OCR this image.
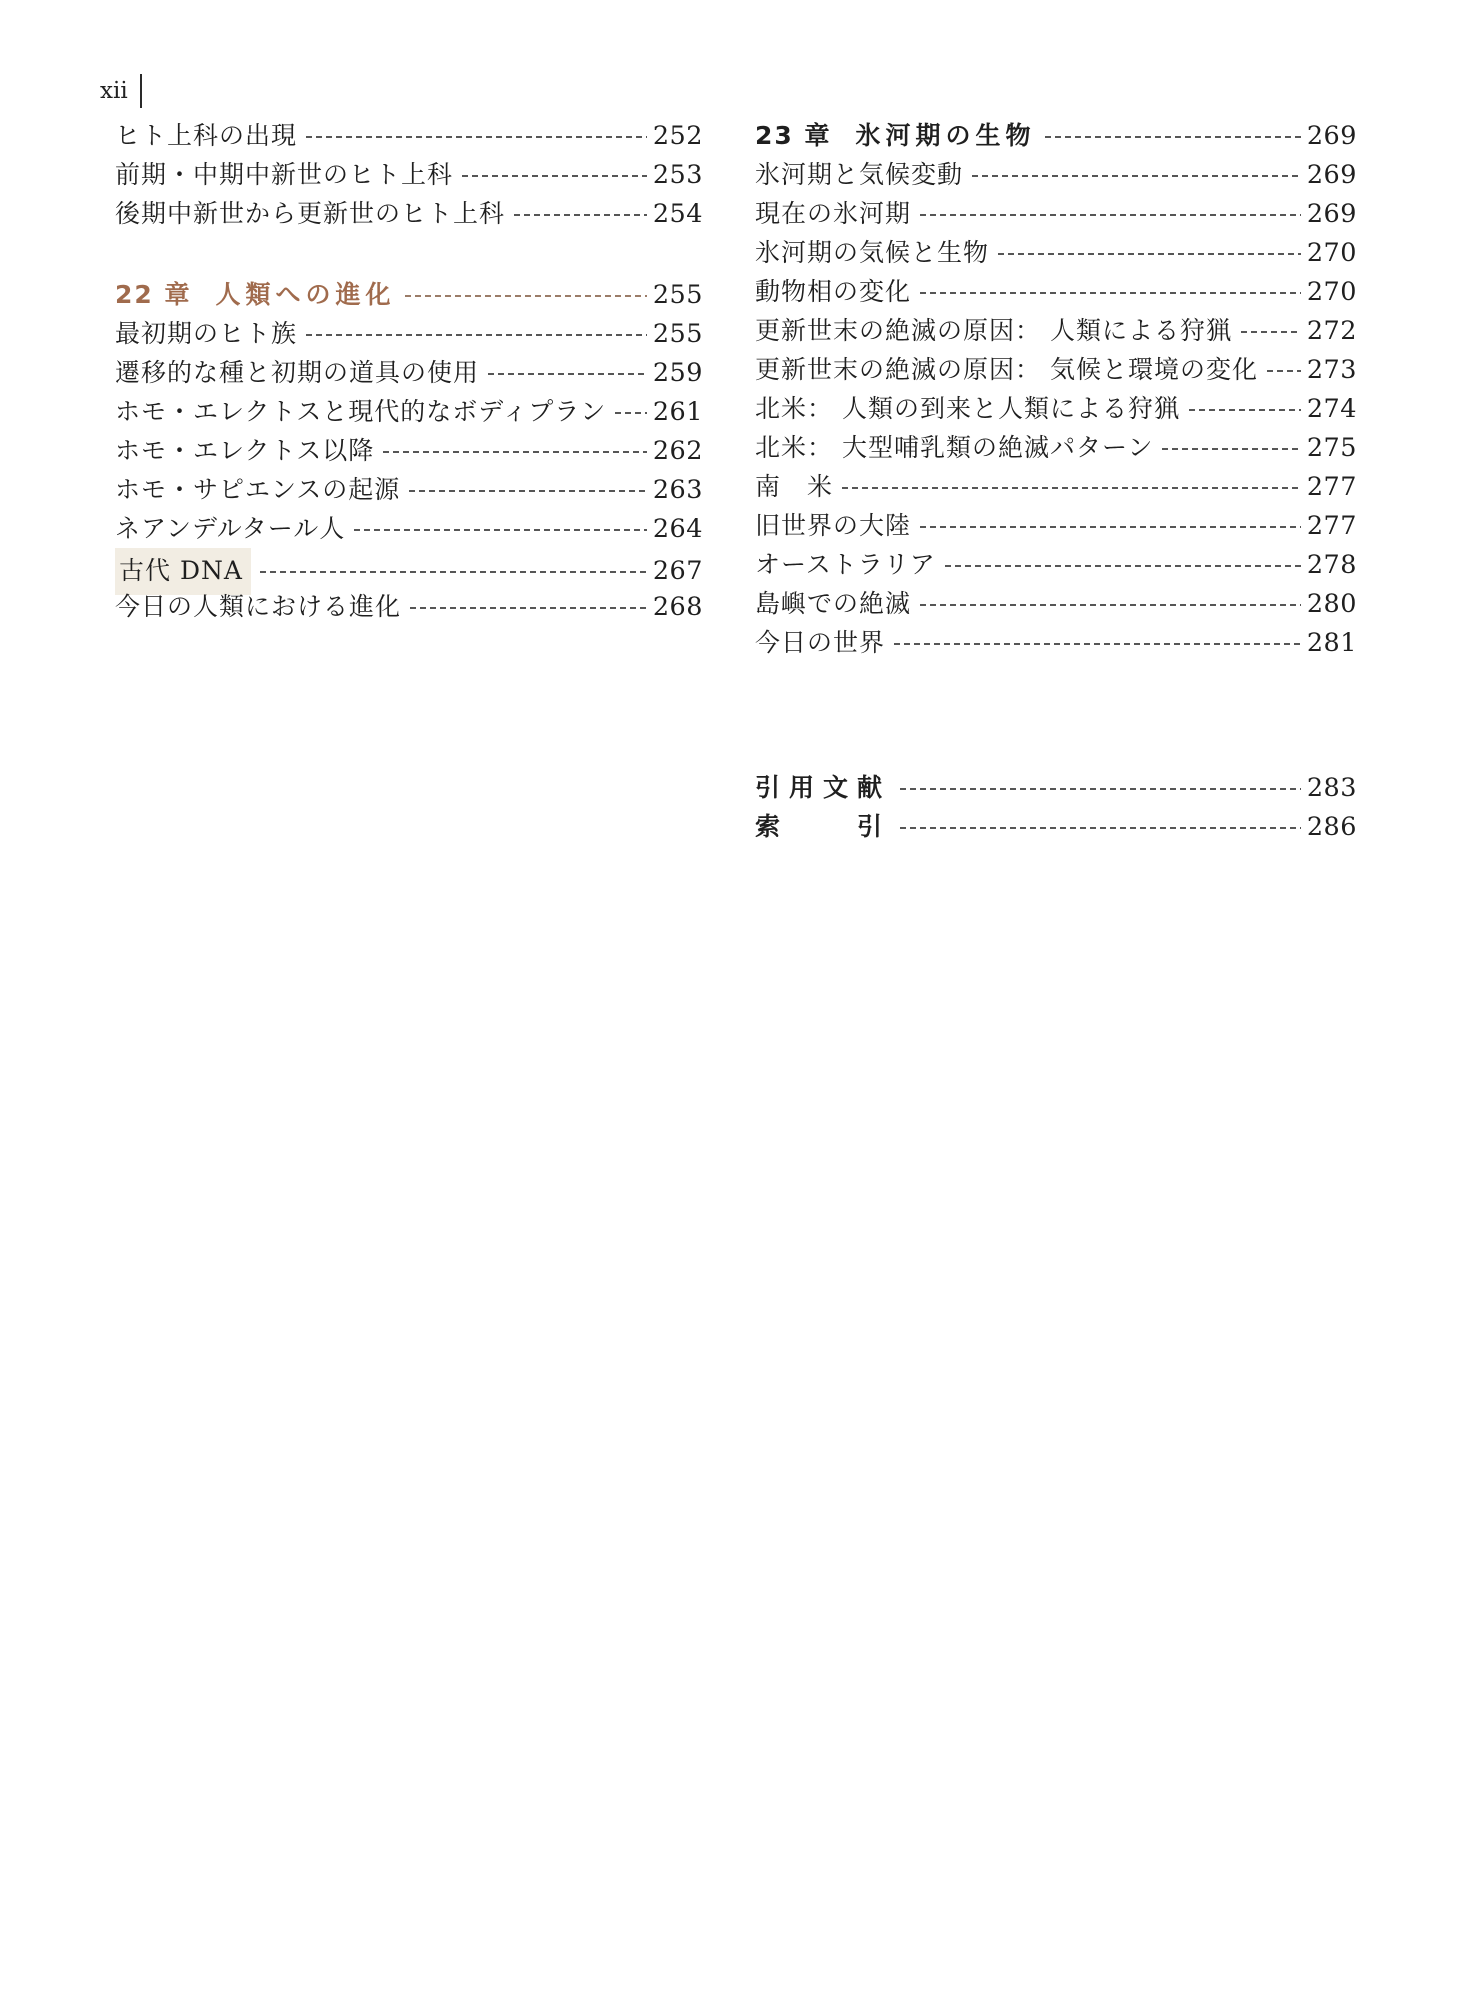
xii
ヒト上科の出現	252
前期・中期中新世のヒト上科	253
後期中新世から更新世のヒト上科	254
22 章 人類への進化	255
最初期のヒト族	255
遷移的な種と初期の道具の使用	259
ホモ・エレクトスと現代的なボディプラン 261
ホモ・エレクトス以降	262
ホモ・サピエンスの起源	263
ネアンデルタール人	264
古代 DNA	267
今日の人類における進化	268
23 章 氷河期の生物	269
氷河期と気候変動	269
現在の氷河期	269
氷河期の気候と生物	270
動物相の変化	270
更新世末の絶滅の原因： 人類による狩猟	272
更新世末の絶滅の原因： 気候と環境の変化 273
北米： 人類の到来と人類による狩猟	274
北米： 大型哺乳類の絶滅パターン	275
南　米	277
旧世界の大陸	277
オーストラリア	278
島嶼での絶滅	280
今日の世界	281
引用文献	283
索　　引	286
